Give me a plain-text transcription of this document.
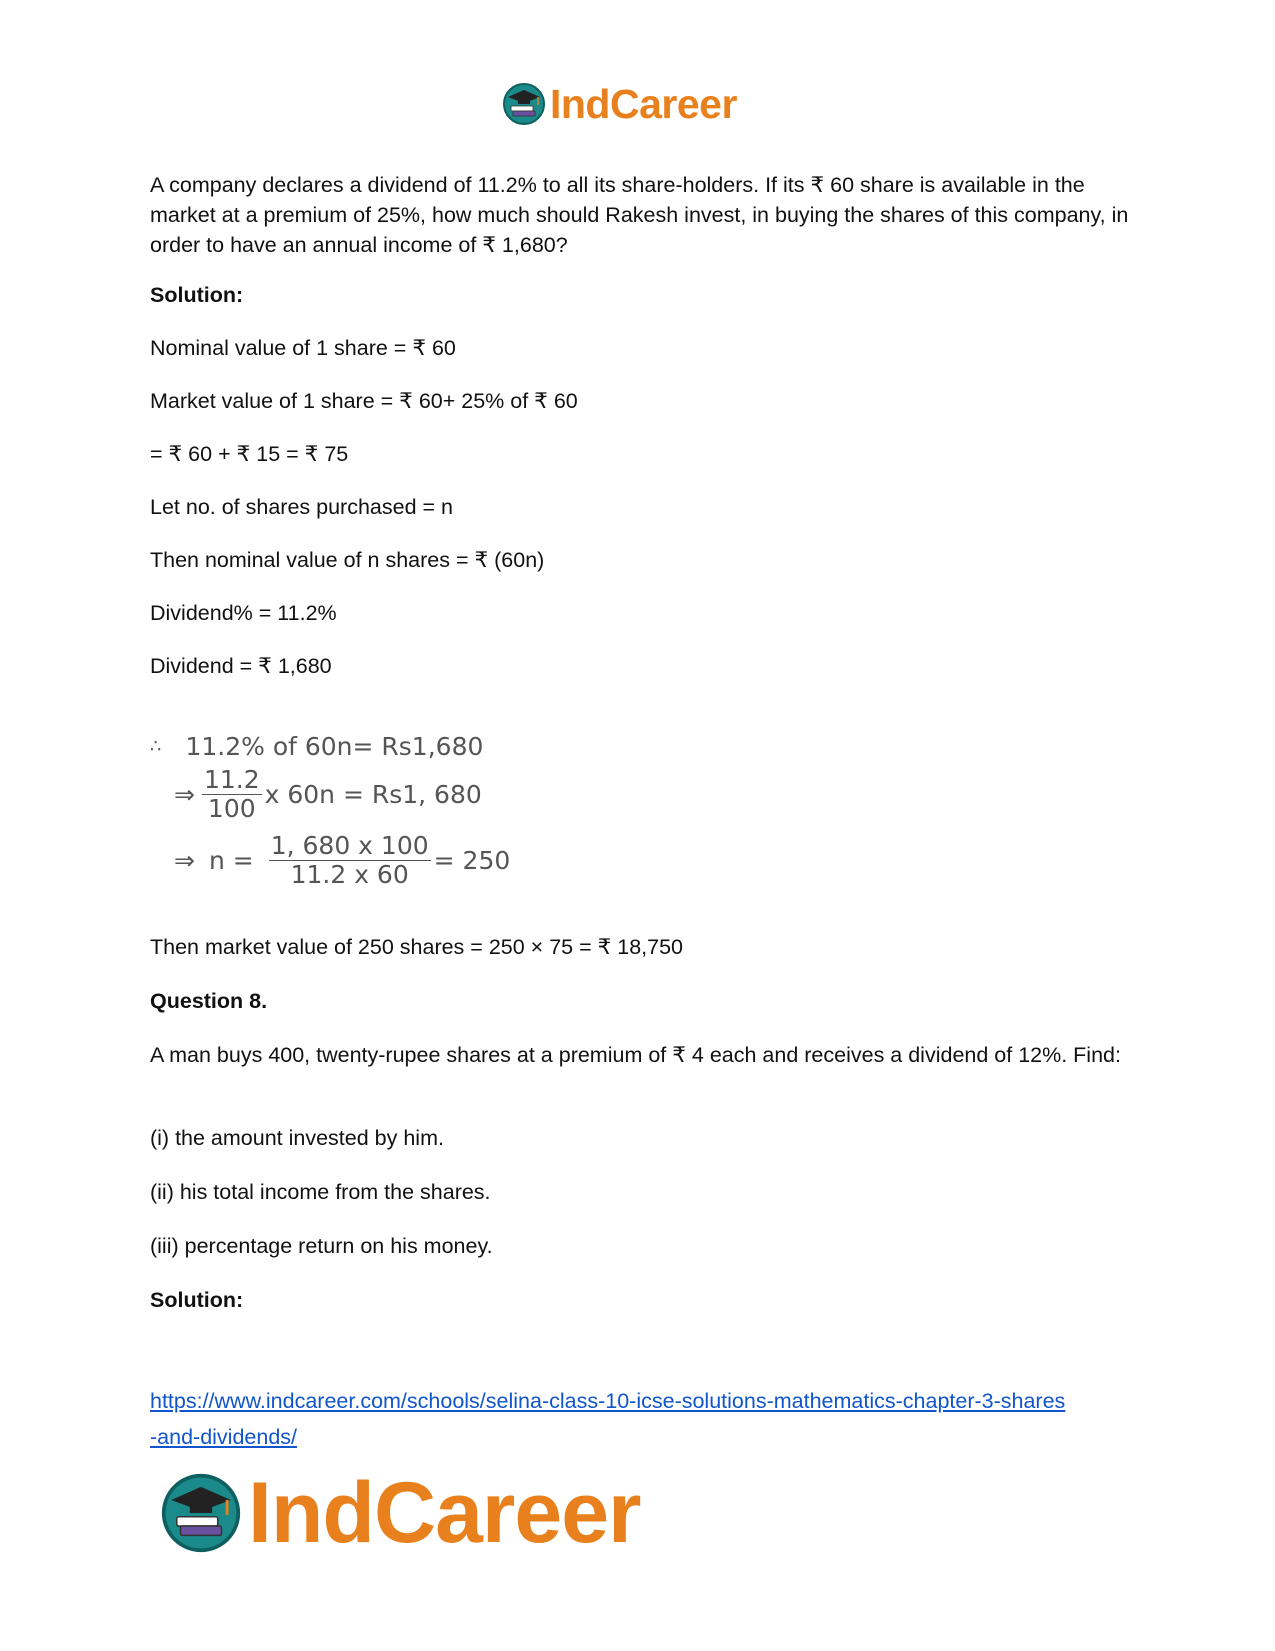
IndCareer

A company declares a dividend of 11.2% to all its share-holders. If its ₹ 60 share is available in the market at a premium of 25%, how much should Rakesh invest, in buying the shares of this company, in order to have an annual income of ₹ 1,680?

Solution:

Nominal value of 1 share = ₹ 60

Market value of 1 share = ₹ 60+ 25% of ₹ 60

= ₹ 60 + ₹ 15 = ₹ 75

Let no. of shares purchased = n

Then nominal value of n shares = ₹ (60n)

Dividend% = 11.2%

Dividend = ₹ 1,680

∴ 11.2% of 60n= Rs1,680
⇒ $\frac{11.2}{100}$ x 60n = Rs1, 680
⇒ $n = \frac{1, 680 x 100}{11.2 x 60} = 250$

Then market value of 250 shares = 250 × 75 = ₹ 18,750

Question 8.

A man buys 400, twenty-rupee shares at a premium of ₹ 4 each and receives a dividend of 12%. Find:

(i) the amount invested by him.

(ii) his total income from the shares.

(iii) percentage return on his money.

Solution:

https://www.indcareer.com/schools/selina-class-10-icse-solutions-mathematics-chapter-3-shares
-and-dividends/

IndCareer
